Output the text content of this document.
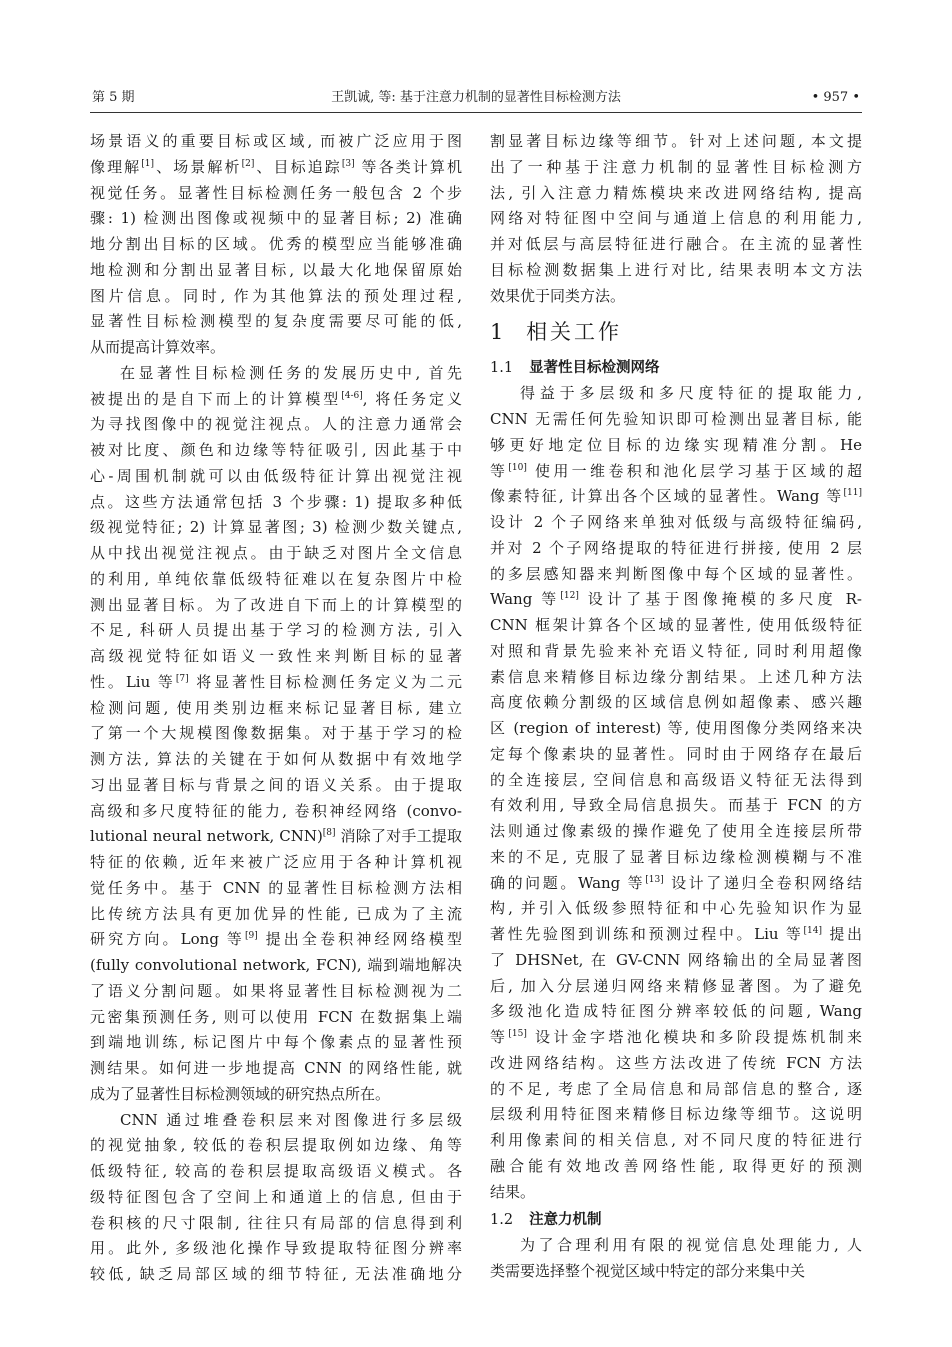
第 5 期	王凯诚, 等: 基于注意力机制的显著性目标检测方法	• 957 •
场景语义的重要目标或区域, 而被广泛应用于图
像理解[1]、场景解析[2]、目标追踪[3] 等各类计算机
视觉任务。显著性目标检测任务一般包含 2 个步
骤: 1) 检测出图像或视频中的显著目标; 2) 准确
地分割出目标的区域。优秀的模型应当能够准确
地检测和分割出显著目标, 以最大化地保留原始
图片信息。同时, 作为其他算法的预处理过程,
显著性目标检测模型的复杂度需要尽可能的低,
从而提高计算效率。
在显著性目标检测任务的发展历史中, 首先
被提出的是自下而上的计算模型[4-6], 将任务定义
为寻找图像中的视觉注视点。人的注意力通常会
被对比度、颜色和边缘等特征吸引, 因此基于中
心-周围机制就可以由低级特征计算出视觉注视
点。这些方法通常包括 3 个步骤: 1) 提取多种低
级视觉特征; 2) 计算显著图; 3) 检测少数关键点,
从中找出视觉注视点。由于缺乏对图片全文信息
的利用, 单纯依靠低级特征难以在复杂图片中检
测出显著目标。为了改进自下而上的计算模型的
不足, 科研人员提出基于学习的检测方法, 引入
高级视觉特征如语义一致性来判断目标的显著
性。Liu 等[7] 将显著性目标检测任务定义为二元
检测问题, 使用类别边框来标记显著目标, 建立
了第一个大规模图像数据集。对于基于学习的检
测方法, 算法的关键在于如何从数据中有效地学
习出显著目标与背景之间的语义关系。由于提取
高级和多尺度特征的能力, 卷积神经网络 (convo-
lutional neural network, CNN)[8] 消除了对手工提取
特征的依赖, 近年来被广泛应用于各种计算机视
觉任务中。基于 CNN 的显著性目标检测方法相
比传统方法具有更加优异的性能, 已成为了主流
研究方向。Long 等[9] 提出全卷积神经网络模型
(fully convolutional network, FCN), 端到端地解决
了语义分割问题。如果将显著性目标检测视为二
元密集预测任务, 则可以使用 FCN 在数据集上端
到端地训练, 标记图片中每个像素点的显著性预
测结果。如何进一步地提高 CNN 的网络性能, 就
成为了显著性目标检测领域的研究热点所在。
CNN 通过堆叠卷积层来对图像进行多层级
的视觉抽象, 较低的卷积层提取例如边缘、角等
低级特征, 较高的卷积层提取高级语义模式。各
级特征图包含了空间上和通道上的信息, 但由于
卷积核的尺寸限制, 往往只有局部的信息得到利
用。此外, 多级池化操作导致提取特征图分辨率
较低, 缺乏局部区域的细节特征, 无法准确地分
割显著目标边缘等细节。针对上述问题, 本文提
出了一种基于注意力机制的显著性目标检测方
法, 引入注意力精炼模块来改进网络结构, 提高
网络对特征图中空间与通道上信息的利用能力,
并对低层与高层特征进行融合。在主流的显著性
目标检测数据集上进行对比, 结果表明本文方法
效果优于同类方法。
1 相关工作
1.1 显著性目标检测网络
得益于多层级和多尺度特征的提取能力,
CNN 无需任何先验知识即可检测出显著目标, 能
够更好地定位目标的边缘实现精准分割。He
等[10] 使用一维卷积和池化层学习基于区域的超
像素特征, 计算出各个区域的显著性。Wang 等[11]
设计 2 个子网络来单独对低级与高级特征编码,
并对 2 个子网络提取的特征进行拼接, 使用 2 层
的多层感知器来判断图像中每个区域的显著性。
Wang 等[12] 设计了基于图像掩模的多尺度 R-
CNN 框架计算各个区域的显著性, 使用低级特征
对照和背景先验来补充语义特征, 同时利用超像
素信息来精修目标边缘分割结果。上述几种方法
高度依赖分割级的区域信息例如超像素、感兴趣
区 (region of interest) 等, 使用图像分类网络来决
定每个像素块的显著性。同时由于网络存在最后
的全连接层, 空间信息和高级语义特征无法得到
有效利用, 导致全局信息损失。而基于 FCN 的方
法则通过像素级的操作避免了使用全连接层所带
来的不足, 克服了显著目标边缘检测模糊与不准
确的问题。Wang 等[13] 设计了递归全卷积网络结
构, 并引入低级参照特征和中心先验知识作为显
著性先验图到训练和预测过程中。Liu 等[14] 提出
了 DHSNet, 在 GV-CNN 网络输出的全局显著图
后, 加入分层递归网络来精修显著图。为了避免
多级池化造成特征图分辨率较低的问题, Wang
等[15] 设计金字塔池化模块和多阶段提炼机制来
改进网络结构。这些方法改进了传统 FCN 方法
的不足, 考虑了全局信息和局部信息的整合, 逐
层级利用特征图来精修目标边缘等细节。这说明
利用像素间的相关信息, 对不同尺度的特征进行
融合能有效地改善网络性能, 取得更好的预测
结果。
1.2 注意力机制
为了合理利用有限的视觉信息处理能力, 人
类需要选择整个视觉区域中特定的部分来集中关
